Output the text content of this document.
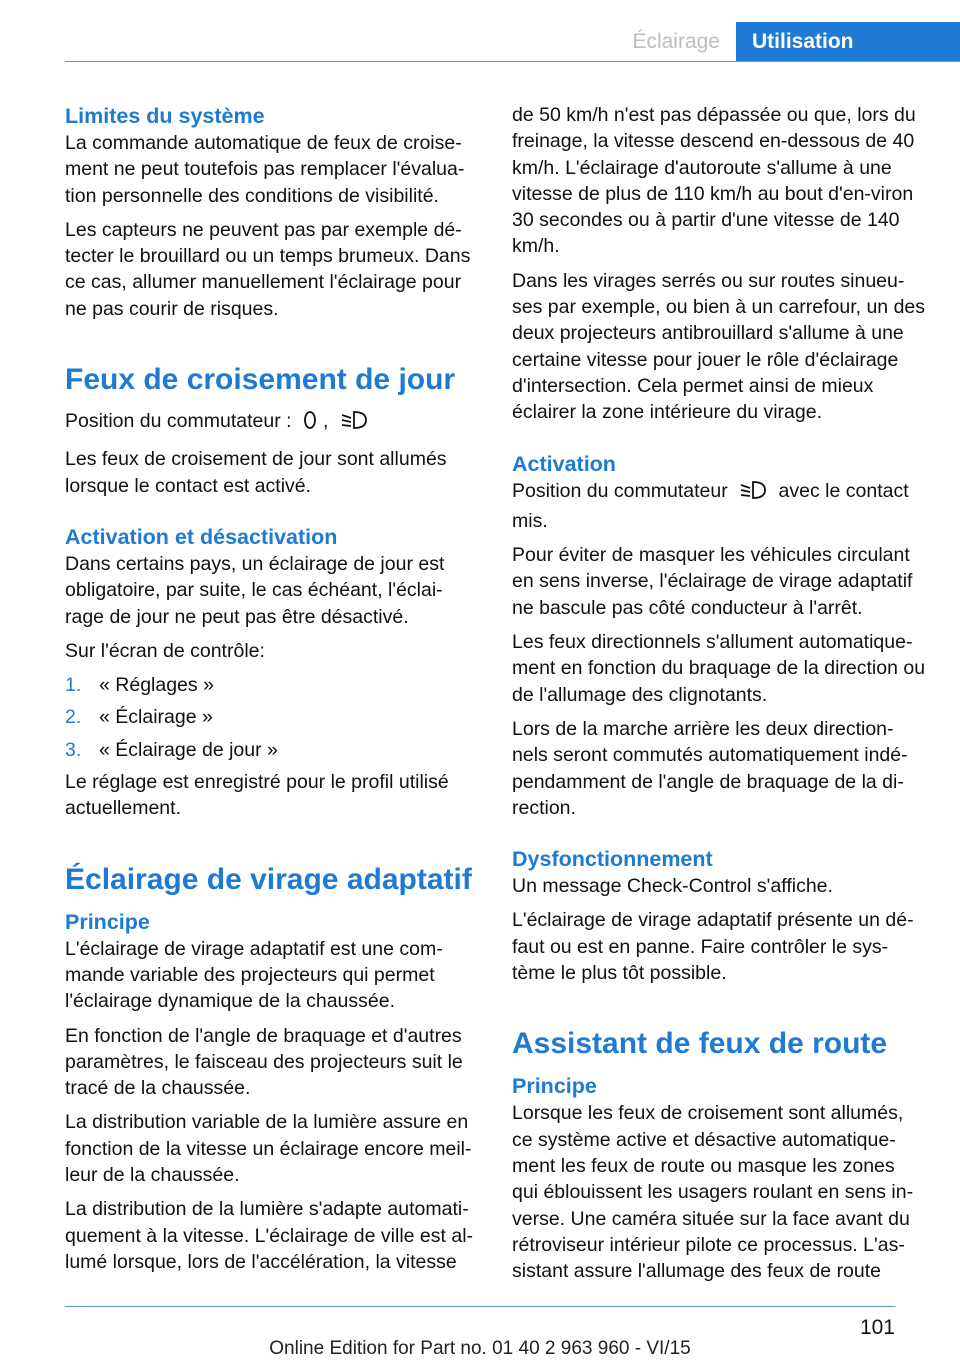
Éclairage	Utilisation
Limites du système

La commande automatique de feux de croise-ment ne peut toutefois pas remplacer l'évalua-tion personnelle des conditions de visibilité.

Les capteurs ne peuvent pas par exemple dé-tecter le brouillard ou un temps brumeux. Dans ce cas, allumer manuellement l'éclairage pour ne pas courir de risques.

Feux de croisement de jour

Position du commutateur : ,

Les feux de croisement de jour sont allumés lorsque le contact est activé.

Activation et désactivation

Dans certains pays, un éclairage de jour est obligatoire, par suite, le cas échéant, l'éclai-rage de jour ne peut pas être désactivé.

Sur l'écran de contrôle:

1. « Réglages »
2. « Éclairage »
3. « Éclairage de jour »

Le réglage est enregistré pour le profil utilisé actuellement.

Éclairage de virage adaptatif
Principe

L'éclairage de virage adaptatif est une com-mande variable des projecteurs qui permet l'éclairage dynamique de la chaussée.

En fonction de l'angle de braquage et d'autres paramètres, le faisceau des projecteurs suit le tracé de la chaussée.

La distribution variable de la lumière assure en fonction de la vitesse un éclairage encore meil-leur de la chaussée.

La distribution de la lumière s'adapte automati-quement à la vitesse. L'éclairage de ville est al-lumé lorsque, lors de l'accélération, la vitesse

de 50 km/h n'est pas dépassée ou que, lors du freinage, la vitesse descend en-dessous de 40 km/h. L'éclairage d'autoroute s'allume à une vitesse de plus de 110 km/h au bout d'en-viron 30 secondes ou à partir d'une vitesse de 140 km/h.

Dans les virages serrés ou sur routes sinueu-ses par exemple, ou bien à un carrefour, un des deux projecteurs antibrouillard s'allume à une certaine vitesse pour jouer le rôle d'éclairage d'intersection. Cela permet ainsi de mieux éclairer la zone intérieure du virage.

Activation

Position du commutateur	avec le contact mis.

Pour éviter de masquer les véhicules circulant en sens inverse, l'éclairage de virage adaptatif ne bascule pas côté conducteur à l'arrêt.

Les feux directionnels s'allument automatique-ment en fonction du braquage de la direction ou de l'allumage des clignotants.

Lors de la marche arrière les deux direction-nels seront commutés automatiquement indé-pendamment de l'angle de braquage de la di-rection.

Dysfonctionnement

Un message Check-Control s'affiche.

L'éclairage de virage adaptatif présente un dé-faut ou est en panne. Faire contrôler le sys-tème le plus tôt possible.

Assistant de feux de route
Principe

Lorsque les feux de croisement sont allumés, ce système active et désactive automatique-ment les feux de route ou masque les zones qui éblouissent les usagers roulant en sens in-verse. Une caméra située sur la face avant du rétroviseur intérieur pilote ce processus. L'as-sistant assure l'allumage des feux de route

101
Online Edition for Part no. 01 40 2 963 960 - VI/15
